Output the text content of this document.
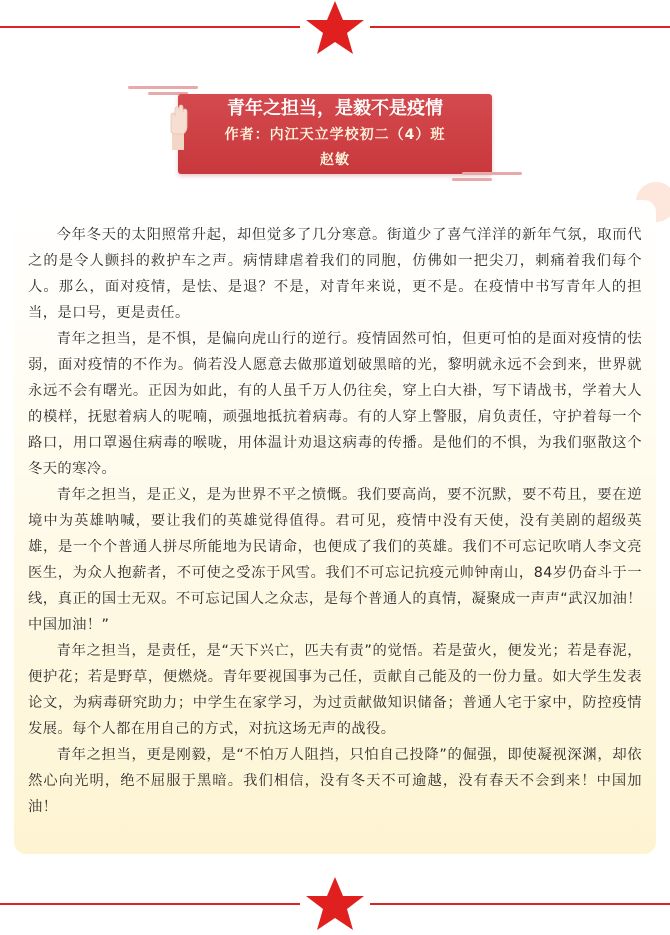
青年之担当，是毅不是疫情
作者：内江天立学校初二（4）班
赵敏

今年冬天的太阳照常升起，却但觉多了几分寒意。街道少了喜气洋洋的新年气氛，取而代之的是令人颤抖的救护车之声。病情肆虐着我们的同胞，仿佛如一把尖刀，刺痛着我们每个人。那么，面对疫情，是怯、是退？不是，对青年来说，更不是。在疫情中书写青年人的担当，是口号，更是责任。

青年之担当，是不惧，是偏向虎山行的逆行。疫情固然可怕，但更可怕的是面对疫情的怯弱，面对疫情的不作为。倘若没人愿意去做那道划破黑暗的光，黎明就永远不会到来，世界就永远不会有曙光。正因为如此，有的人虽千万人仍往矣，穿上白大褂，写下请战书，学着大人的模样，抚慰着病人的呢喃，顽强地抵抗着病毒。有的人穿上警服，肩负责任，守护着每一个路口，用口罩遏住病毒的喉咙，用体温计劝退这病毒的传播。是他们的不惧，为我们驱散这个冬天的寒冷。

青年之担当，是正义，是为世界不平之愤慨。我们要高尚，要不沉默，要不苟且，要在逆境中为英雄呐喊，要让我们的英雄觉得值得。君可见，疫情中没有天使，没有美剧的超级英雄，是一个个普通人拼尽所能地为民请命，也便成了我们的英雄。我们不可忘记吹哨人李文亮医生，为众人抱薪者，不可使之受冻于风雪。我们不可忘记抗疫元帅钟南山，84岁仍奋斗于一线，真正的国士无双。不可忘记国人之众志，是每个普通人的真情，凝聚成一声声“武汉加油！中国加油！”

青年之担当，是责任，是“天下兴亡，匹夫有责”的觉悟。若是萤火，便发光；若是春泥，便护花；若是野草，便燃烧。青年要视国事为己任，贡献自己能及的一份力量。如大学生发表论文，为病毒研究助力；中学生在家学习，为过贡献做知识储备；普通人宅于家中，防控疫情发展。每个人都在用自己的方式，对抗这场无声的战役。

青年之担当，更是刚毅，是“不怕万人阻挡，只怕自己投降”的倔强，即使凝视深渊，却依然心向光明，绝不屈服于黑暗。我们相信，没有冬天不可逾越，没有春天不会到来！中国加油！
